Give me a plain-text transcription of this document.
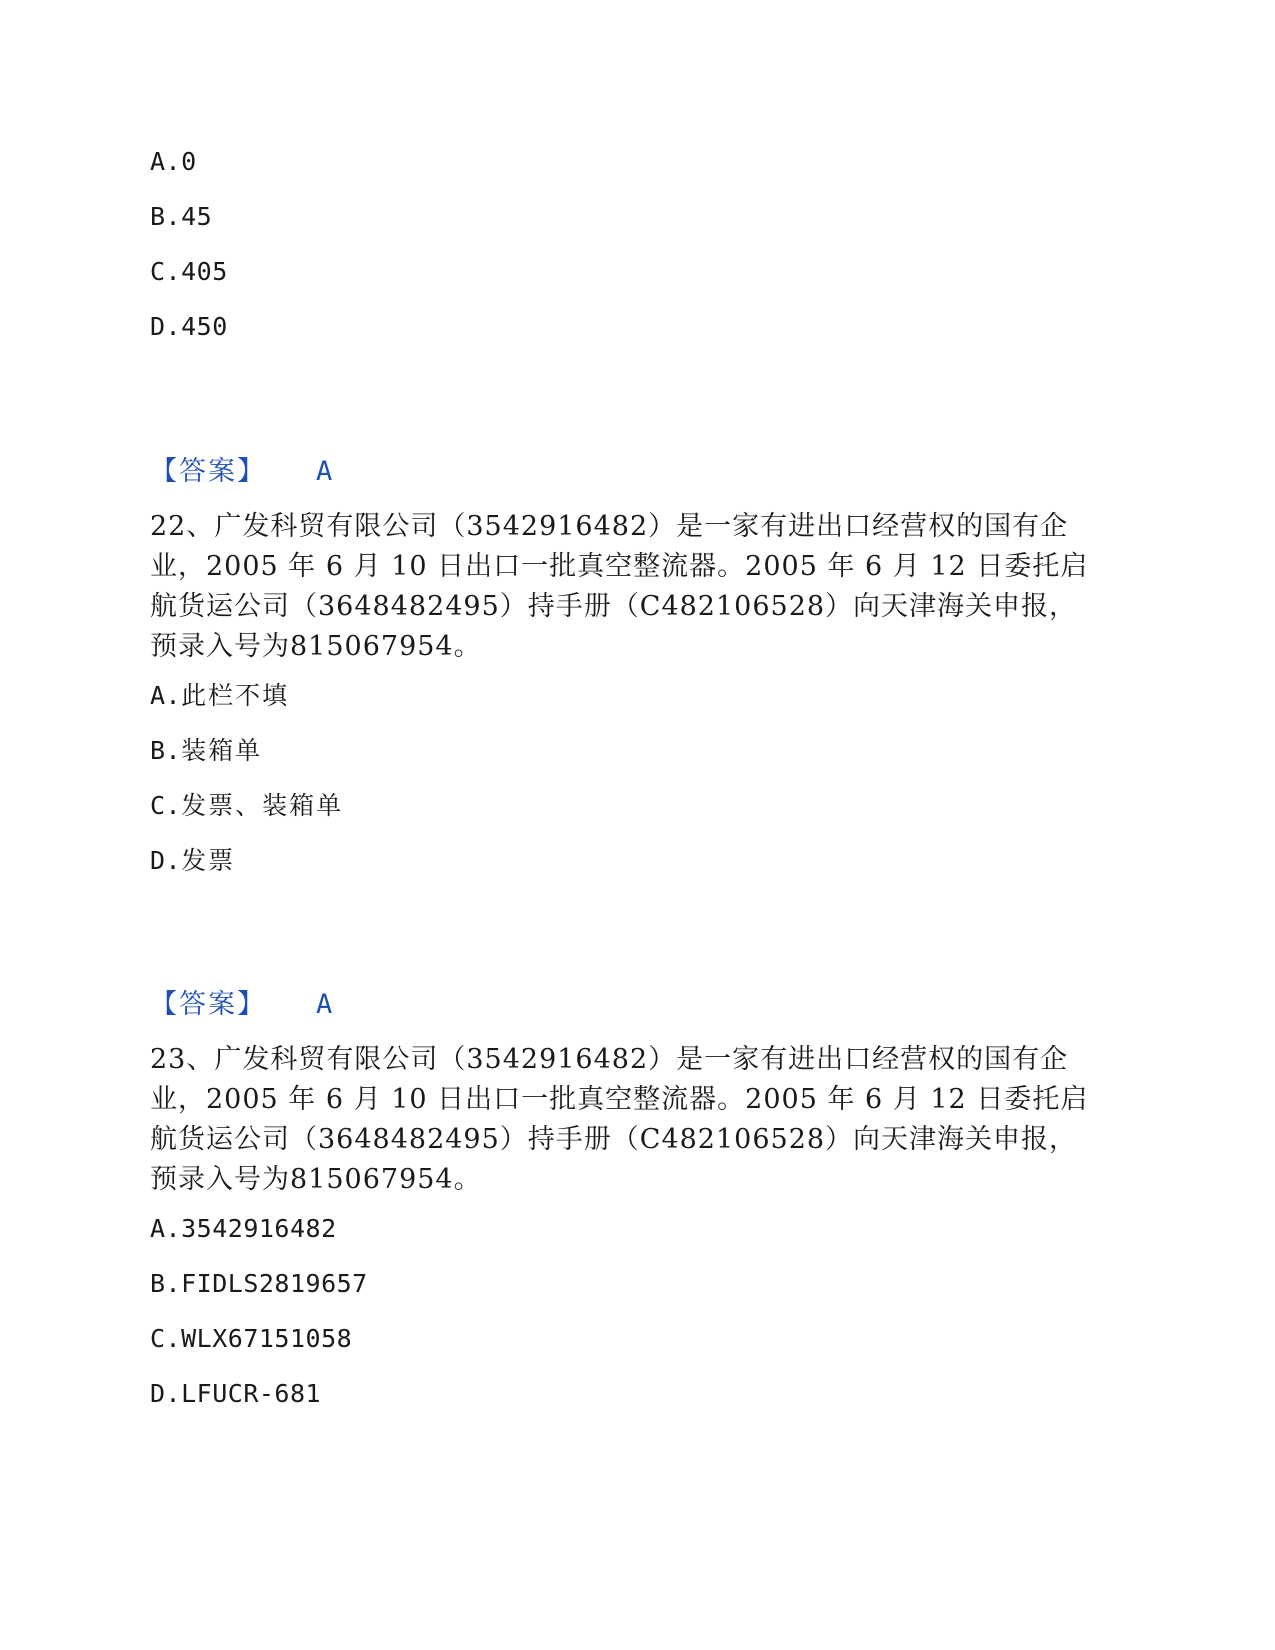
A.0
B.45
C.405
D.450
【答案】 A
22、广发科贸有限公司（3542916482）是一家有进出口经营权的国有企业，2005 年 6 月 10 日出口一批真空整流器。2005 年 6 月 12 日委托启航货运公司（3648482495）持手册（C482106528）向天津海关申报， 预录入号为815067954。
A.此栏不填
B.装箱单
C.发票、装箱单
D.发票
【答案】 A
23、广发科贸有限公司（3542916482）是一家有进出口经营权的国有企业，2005 年 6 月 10 日出口一批真空整流器。2005 年 6 月 12 日委托启航货运公司（3648482495）持手册（C482106528）向天津海关申报， 预录入号为815067954。
A.3542916482
B.FIDLS2819657
C.WLX67151058
D.LFUCR-681
